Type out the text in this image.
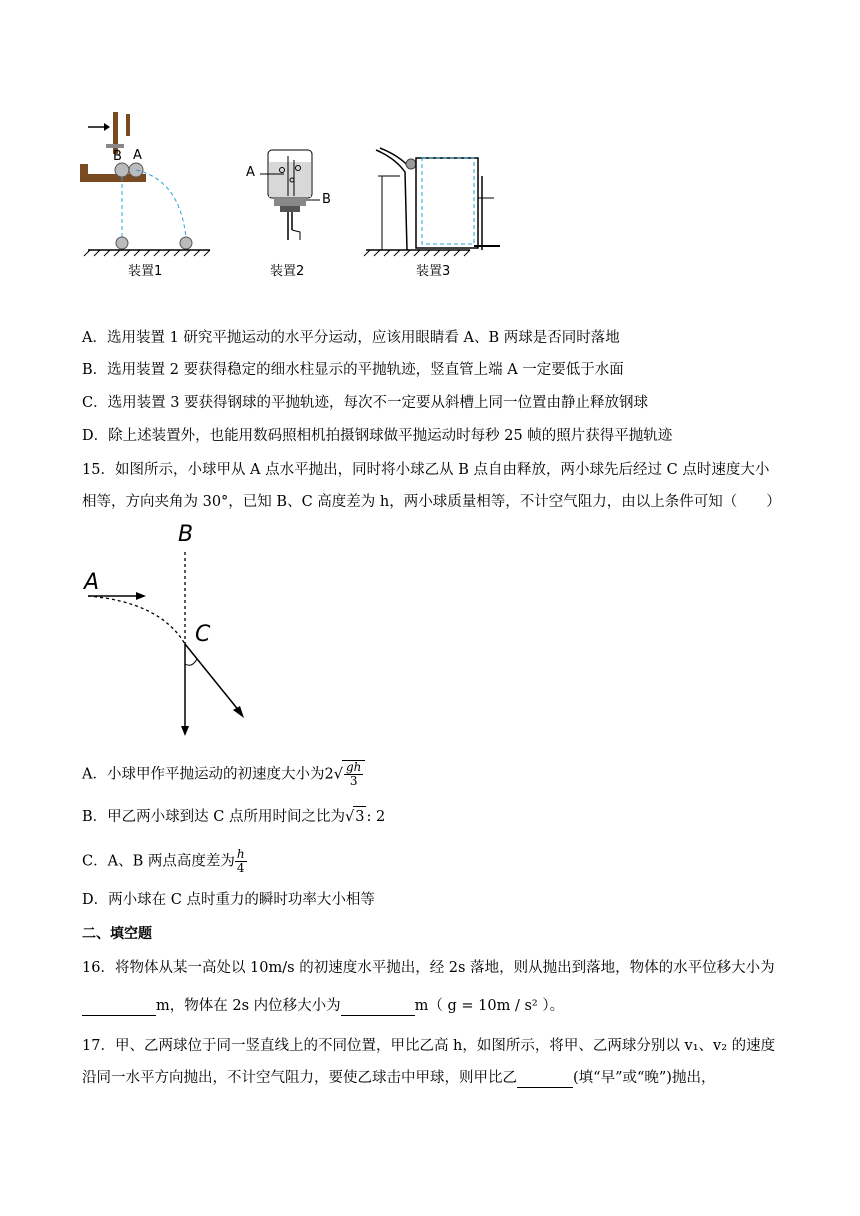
B A
A
B
装置1	装置2	装置3
A．选用装置 1 研究平抛运动的水平分运动，应该用眼睛看 A、B 两球是否同时落地
B．选用装置 2 要获得稳定的细水柱显示的平抛轨迹，竖直管上端 A 一定要低于水面
C．选用装置 3 要获得钢球的平抛轨迹，每次不一定要从斜槽上同一位置由静止释放钢球
D．除上述装置外，也能用数码照相机拍摄钢球做平抛运动时每秒 25 帧的照片获得平抛轨迹
15．如图所示，小球甲从 A 点水平抛出，同时将小球乙从 B 点自由释放，两小球先后经过 C 点时速度大小
相等，方向夹角为 30°，已知 B、C 高度差为 h，两小球质量相等，不计空气阻力，由以上条件可知（　　）
B
A
C
A．小球甲作平抛运动的初速度大小为$2√ \frac{gh}{3}$
B．甲乙两小球到达 C 点所用时间之比为√3 : 2
C．A、B 两点高度差为 $\frac{h}{4}$
D．两小球在 C 点时重力的瞬时功率大小相等
二、填空题
16．将物体从某一高处以 10m/s 的初速度水平抛出，经 2s 落地，则从抛出到落地，物体的水平位移大小为
m，物体在 2s 内位移大小为	m（ g = 10m / s² ）。
17．甲、乙两球位于同一竖直线上的不同位置，甲比乙高 h，如图所示，将甲、乙两球分别以 v₁、v₂ 的速度
沿同一水平方向抛出，不计空气阻力，要使乙球击中甲球，则甲比乙	(填“早”或“晚”)抛出，
